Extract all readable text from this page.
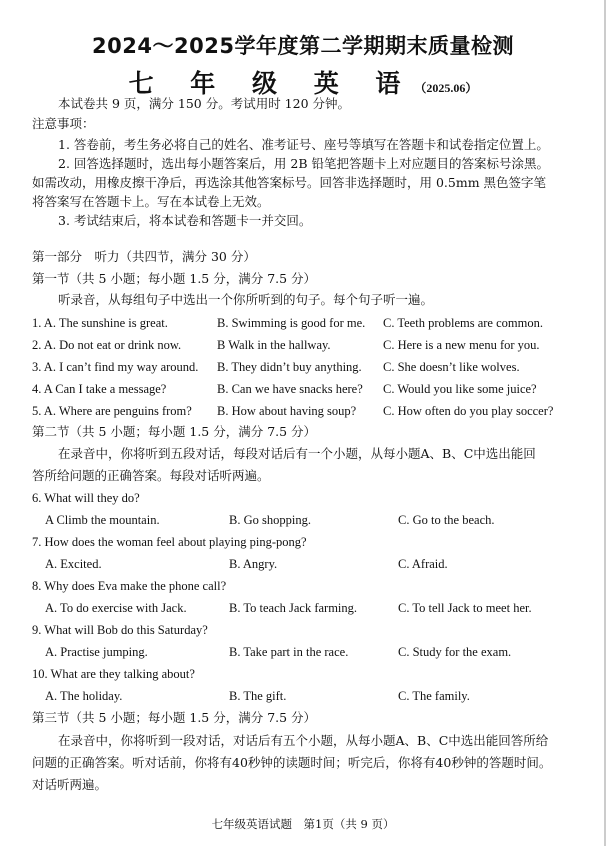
2024～2025学年度第二学期期末质量检测
七 年 级 英 语（2025.06）
本试卷共 9 页，满分 150 分。考试用时 120 分钟。
注意事项：
1. 答卷前，考生务必将自己的姓名、准考证号、座号等填写在答题卡和试卷指定位置上。
2. 回答选择题时，选出每小题答案后，用 2B 铅笔把答题卡上对应题目的答案标号涂黑。
如需改动，用橡皮擦干净后，再选涂其他答案标号。回答非选择题时，用 0.5mm 黑色签字笔
将答案写在答题卡上。写在本试卷上无效。
3. 考试结束后，将本试卷和答题卡一并交回。
第一部分　听力（共四节，满分 30 分）
第一节（共 5 小题；每小题 1.5 分，满分 7.5 分）
听录音，从每组句子中选出一个你所听到的句子。每个句子听一遍。
1. A. The sunshine is great.	B. Swimming is good for me. C. Teeth problems are common.
2. A. Do not eat or drink now.	B Walk in the hallway.	C. Here is a new menu for you.
3. A. I can’t find my way around. B. They didn’t buy anything. C. She doesn’t like wolves.
4. A Can I take a message?	B. Can we have snacks here? C. Would you like some juice?
5. A. Where are penguins from? B. How about having soup? C. How often do you play soccer?
第二节（共 5 小题；每小题 1.5 分，满分 7.5 分）
在录音中，你将听到五段对话，每段对话后有一个小题，从每小题A、B、C中选出能回
答所给问题的正确答案。每段对话听两遍。
6. What will they do?
A Climb the mountain.	B. Go shopping.	C. Go to the beach.
7. How does the woman feel about playing ping-pong?
A. Excited.	B. Angry.	C. Afraid.
8. Why does Eva make the phone call?
A. To do exercise with Jack.	B. To teach Jack farming.	C. To tell Jack to meet her.
9. What will Bob do this Saturday?
A. Practise jumping.	B. Take part in the race.	C. Study for the exam.
10. What are they talking about?
A. The holiday.	B. The gift.	C. The family.
第三节（共 5 小题；每小题 1.5 分，满分 7.5 分）
在录音中，你将听到一段对话，对话后有五个小题，从每小题A、B、C中选出能回答所给
问题的正确答案。听对话前，你将有40秒钟的读题时间；听完后，你将有40秒钟的答题时间。
对话听两遍。
七年级英语试题　第1页（共 9 页）
